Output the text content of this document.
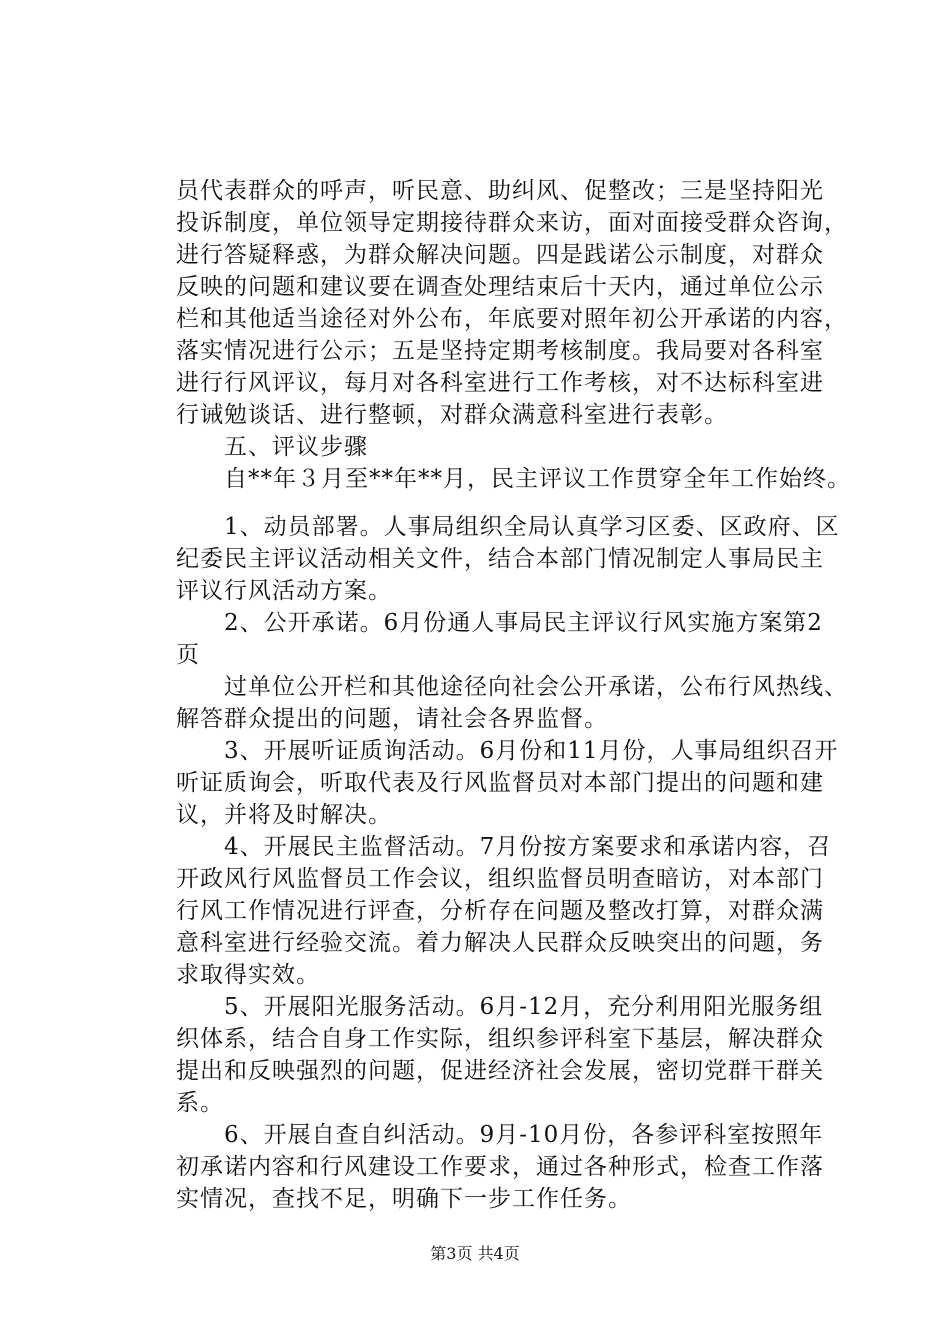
员代表群众的呼声，听民意、助纠风、促整改；三是坚持阳光
投诉制度，单位领导定期接待群众来访，面对面接受群众咨询，
进行答疑释惑，为群众解决问题。四是践诺公示制度，对群众
反映的问题和建议要在调查处理结束后十天内，通过单位公示
栏和其他适当途径对外公布，年底要对照年初公开承诺的内容，
落实情况进行公示；五是坚持定期考核制度。我局要对各科室
进行行风评议，每月对各科室进行工作考核，对不达标科室进
行诫勉谈话、进行整顿，对群众满意科室进行表彰。
　　五、评议步骤
　　自**年３月至**年**月，民主评议工作贯穿全年工作始终。
　　1、动员部署。人事局组织全局认真学习区委、区政府、区
纪委民主评议活动相关文件，结合本部门情况制定人事局民主
评议行风活动方案。
　　2、公开承诺。6月份通人事局民主评议行风实施方案第2
页
　　过单位公开栏和其他途径向社会公开承诺，公布行风热线、
解答群众提出的问题，请社会各界监督。
　　3、开展听证质询活动。6月份和11月份，人事局组织召开
听证质询会，听取代表及行风监督员对本部门提出的问题和建
议，并将及时解决。
　　4、开展民主监督活动。7月份按方案要求和承诺内容，召
开政风行风监督员工作会议，组织监督员明查暗访，对本部门
行风工作情况进行评查，分析存在问题及整改打算，对群众满
意科室进行经验交流。着力解决人民群众反映突出的问题，务
求取得实效。
　　5、开展阳光服务活动。6月-12月，充分利用阳光服务组
织体系，结合自身工作实际，组织参评科室下基层，解决群众
提出和反映强烈的问题，促进经济社会发展，密切党群干群关
系。
　　6、开展自查自纠活动。9月-10月份，各参评科室按照年
初承诺内容和行风建设工作要求，通过各种形式，检查工作落
实情况，查找不足，明确下一步工作任务。
第3页 共4页
